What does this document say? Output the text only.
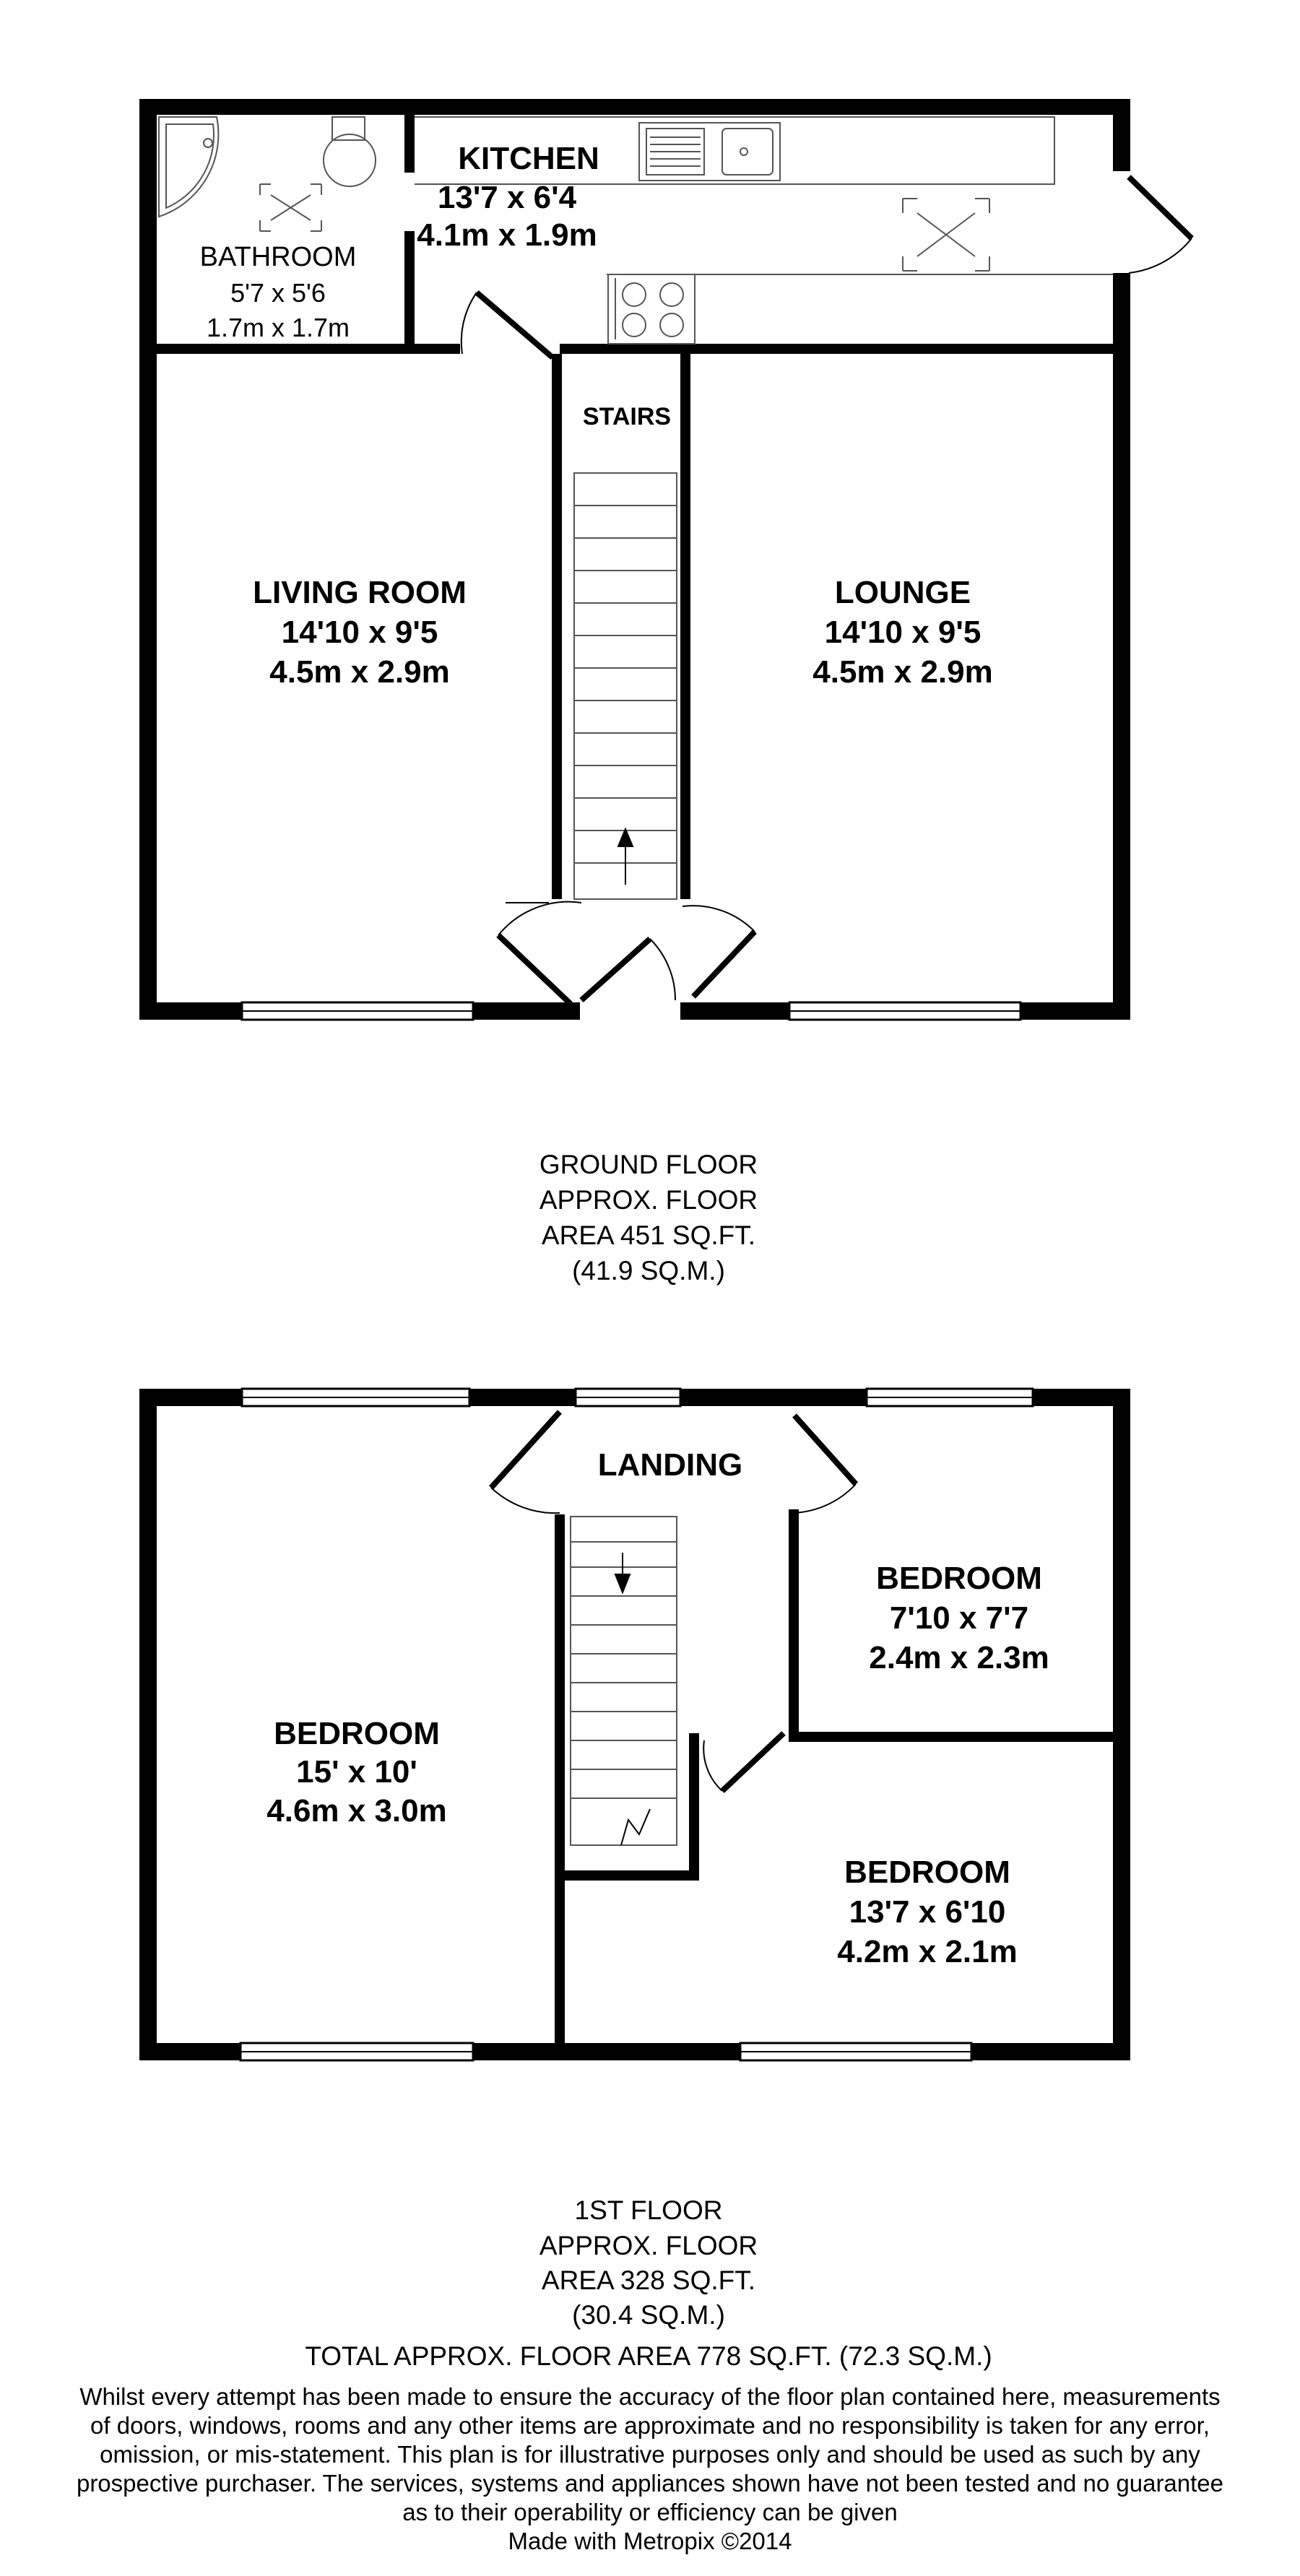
KITCHEN
13'7 x 6'4
4.1m x 1.9m
BATHROOM
5'7 x 5'6
1.7m x 1.7m
STAIRS
LIVING ROOM
14'10 x 9'5
4.5m x 2.9m
LOUNGE
14'10 x 9'5
4.5m x 2.9m
LANDING
BEDROOM
15' x 10'
4.6m x 3.0m
BEDROOM
7'10 x 7'7
2.4m x 2.3m
BEDROOM
13'7 x 6'10
4.2m x 2.1m
GROUND FLOOR
APPROX. FLOOR
AREA 451 SQ.FT.
(41.9 SQ.M.)
1ST FLOOR
APPROX. FLOOR
AREA 328 SQ.FT.
(30.4 SQ.M.)
TOTAL APPROX. FLOOR AREA 778 SQ.FT. (72.3 SQ.M.)
Whilst every attempt has been made to ensure the accuracy of the floor plan contained here, measurements
of doors, windows, rooms and any other items are approximate and no responsibility is taken for any error,
omission, or mis-statement. This plan is for illustrative purposes only and should be used as such by any
prospective purchaser. The services, systems and appliances shown have not been tested and no guarantee
as to their operability or efficiency can be given
Made with Metropix ©2014
